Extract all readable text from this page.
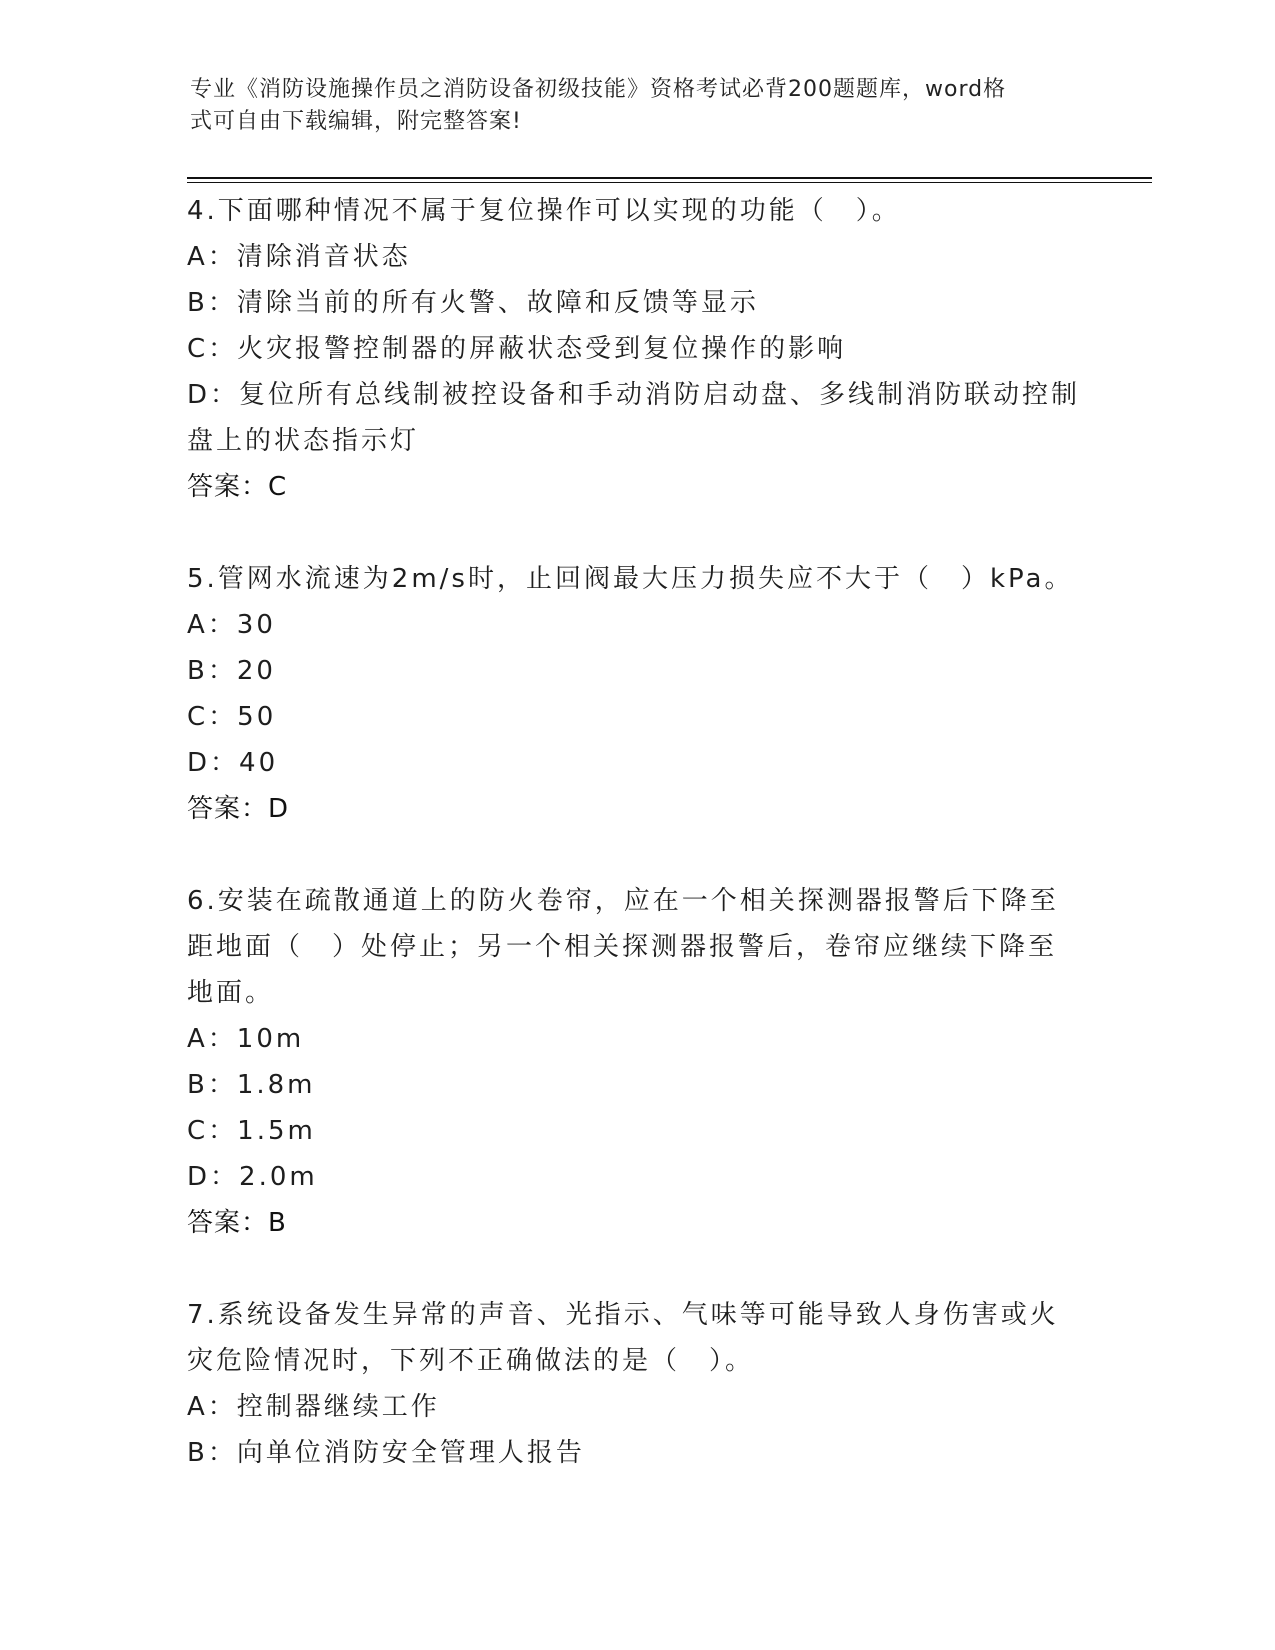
专业《消防设施操作员之消防设备初级技能》资格考试必背200题题库，word格
式可自由下载编辑，附完整答案!
4.下面哪种情况不属于复位操作可以实现的功能（　）。
A：清除消音状态
B：清除当前的所有火警、故障和反馈等显示
C：火灾报警控制器的屏蔽状态受到复位操作的影响
D：复位所有总线制被控设备和手动消防启动盘、多线制消防联动控制
盘上的状态指示灯
答案：C
5.管网水流速为2m/s时，止回阀最大压力损失应不大于（　）kPa。
A：30
B：20
C：50
D：40
答案：D
6.安装在疏散通道上的防火卷帘，应在一个相关探测器报警后下降至
距地面（　）处停止；另一个相关探测器报警后，卷帘应继续下降至
地面。
A：10m
B：1.8m
C：1.5m
D：2.0m
答案：B
7.系统设备发生异常的声音、光指示、气味等可能导致人身伤害或火
灾危险情况时，下列不正确做法的是（　）。
A：控制器继续工作
B：向单位消防安全管理人报告
